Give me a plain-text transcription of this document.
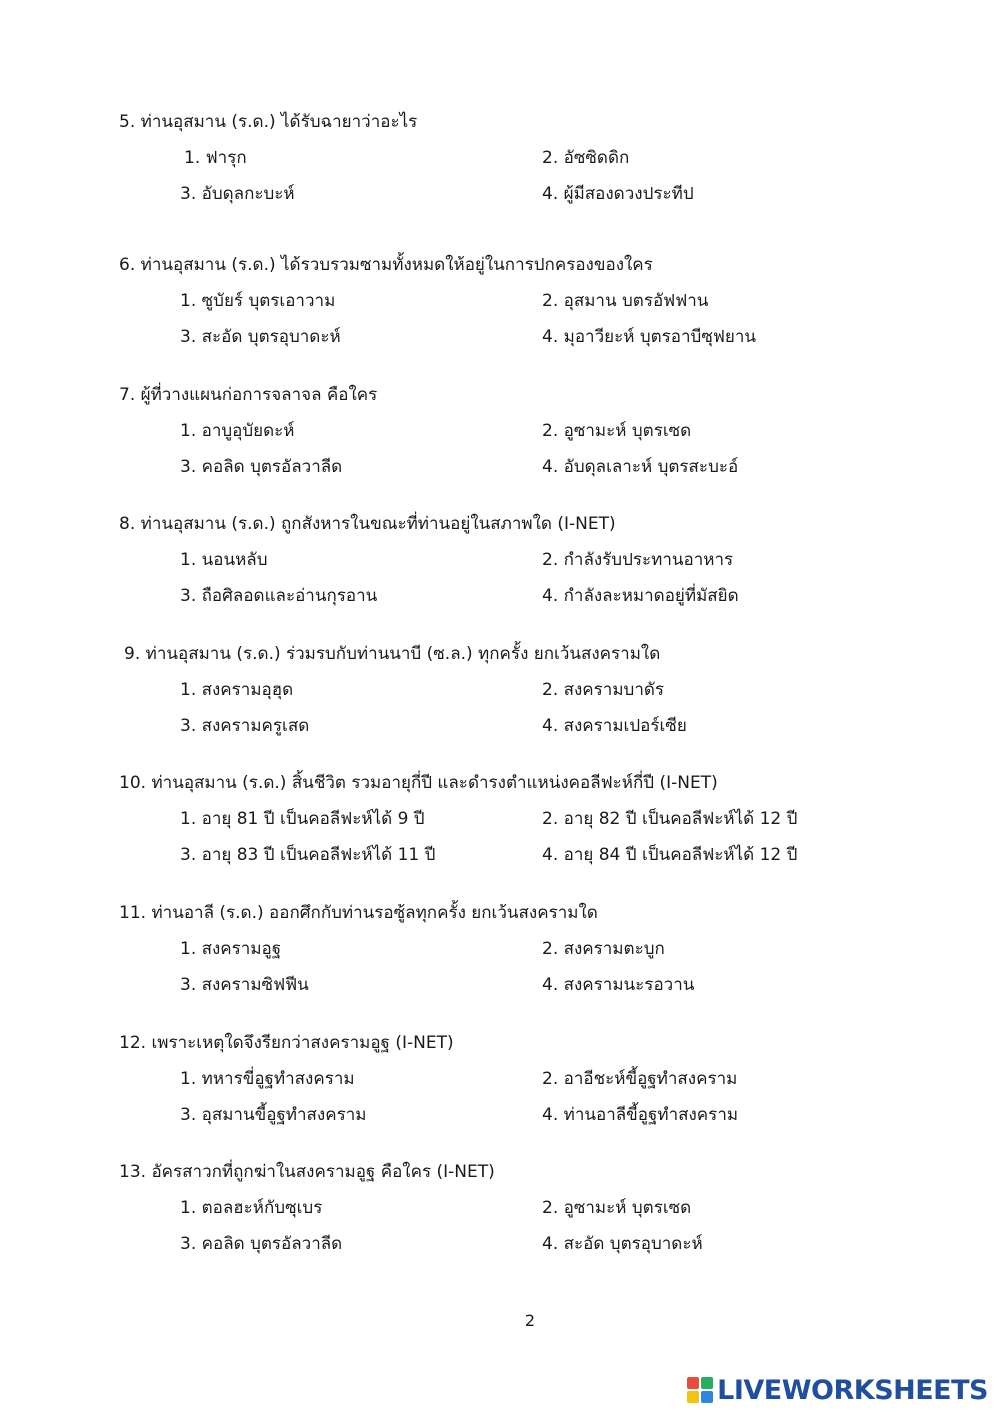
5. ท่านอุสมาน (ร.ด.) ได้รับฉายาว่าอะไร
1. ฟารุก	2. อัซซิดดิก
3. อับดุลกะบะห์	4. ผู้มีสองดวงประทีป
6. ท่านอุสมาน (ร.ด.) ได้รวบรวมซามทั้งหมดให้อยู่ในการปกครองของใคร
1. ซูบัยร์ บุตรเอาวาม	2. อุสมาน บตรอัฟฟาน
3. สะอัด บุตรอุบาดะห์	4. มุอาวียะห์ บุตรอาบีซุฟยาน
7. ผู้ที่วางแผนก่อการจลาจล คือใคร
1. อาบูอุบัยดะห์	2. อูซามะห์ บุตรเซด
3. คอลิด บุตรอัลวาลีด	4. อับดุลเลาะห์ บุตรสะบะอ์
8. ท่านอุสมาน (ร.ด.) ถูกสังหารในขณะที่ท่านอยู่ในสภาพใด (I-NET)
1. นอนหลับ	2. กำลังรับประทานอาหาร
3. ถือศิลอดและอ่านกุรอาน	4. กำลังละหมาดอยู่ที่มัสยิด
9. ท่านอุสมาน (ร.ด.) ร่วมรบกับท่านนาบี (ซ.ล.) ทุกครั้ง ยกเว้นสงครามใด
1. สงครามอุฮุด	2. สงครามบาดัร
3. สงครามครูเสด	4. สงครามเปอร์เซีย
10. ท่านอุสมาน (ร.ด.) สิ้นชีวิต รวมอายุกี่ปี และดำรงตำแหน่งคอลีฟะห์กี่ปี (I-NET)
1. อายุ 81 ปี เป็นคอลีฟะห์ได้ 9 ปี	2. อายุ 82 ปี เป็นคอลีฟะห์ได้ 12 ปี
3. อายุ 83 ปี เป็นคอลีฟะห์ได้ 11 ปี	4. อายุ 84 ปี เป็นคอลีฟะห์ได้ 12 ปี
11. ท่านอาลี (ร.ด.) ออกศึกกับท่านรอซู้ลทุกครั้ง ยกเว้นสงครามใด
1. สงครามอูฐ	2. สงครามตะบูก
3. สงครามซิฟฟีน	4. สงครามนะรอวาน
12. เพราะเหตุใดจึงรียกว่าสงครามอูฐ (I-NET)
1. ทหารขี่อูฐทำสงคราม	2. อาอีชะห์ขี้อูฐทำสงคราม
3. อุสมานขี้อูฐทำสงคราม	4. ท่านอาลีขี้อูฐทำสงคราม
13. อัครสาวกที่ถูกฆ่าในสงครามอูฐ คือใคร (I-NET)
1. ตอลฮะห์กับซุเบร	2. อูซามะห์ บุตรเซด
3. คอลิด บุตรอัลวาลีด	4. สะอัด บุตรอุบาดะห์
2
LIVEWORKSHEETS
